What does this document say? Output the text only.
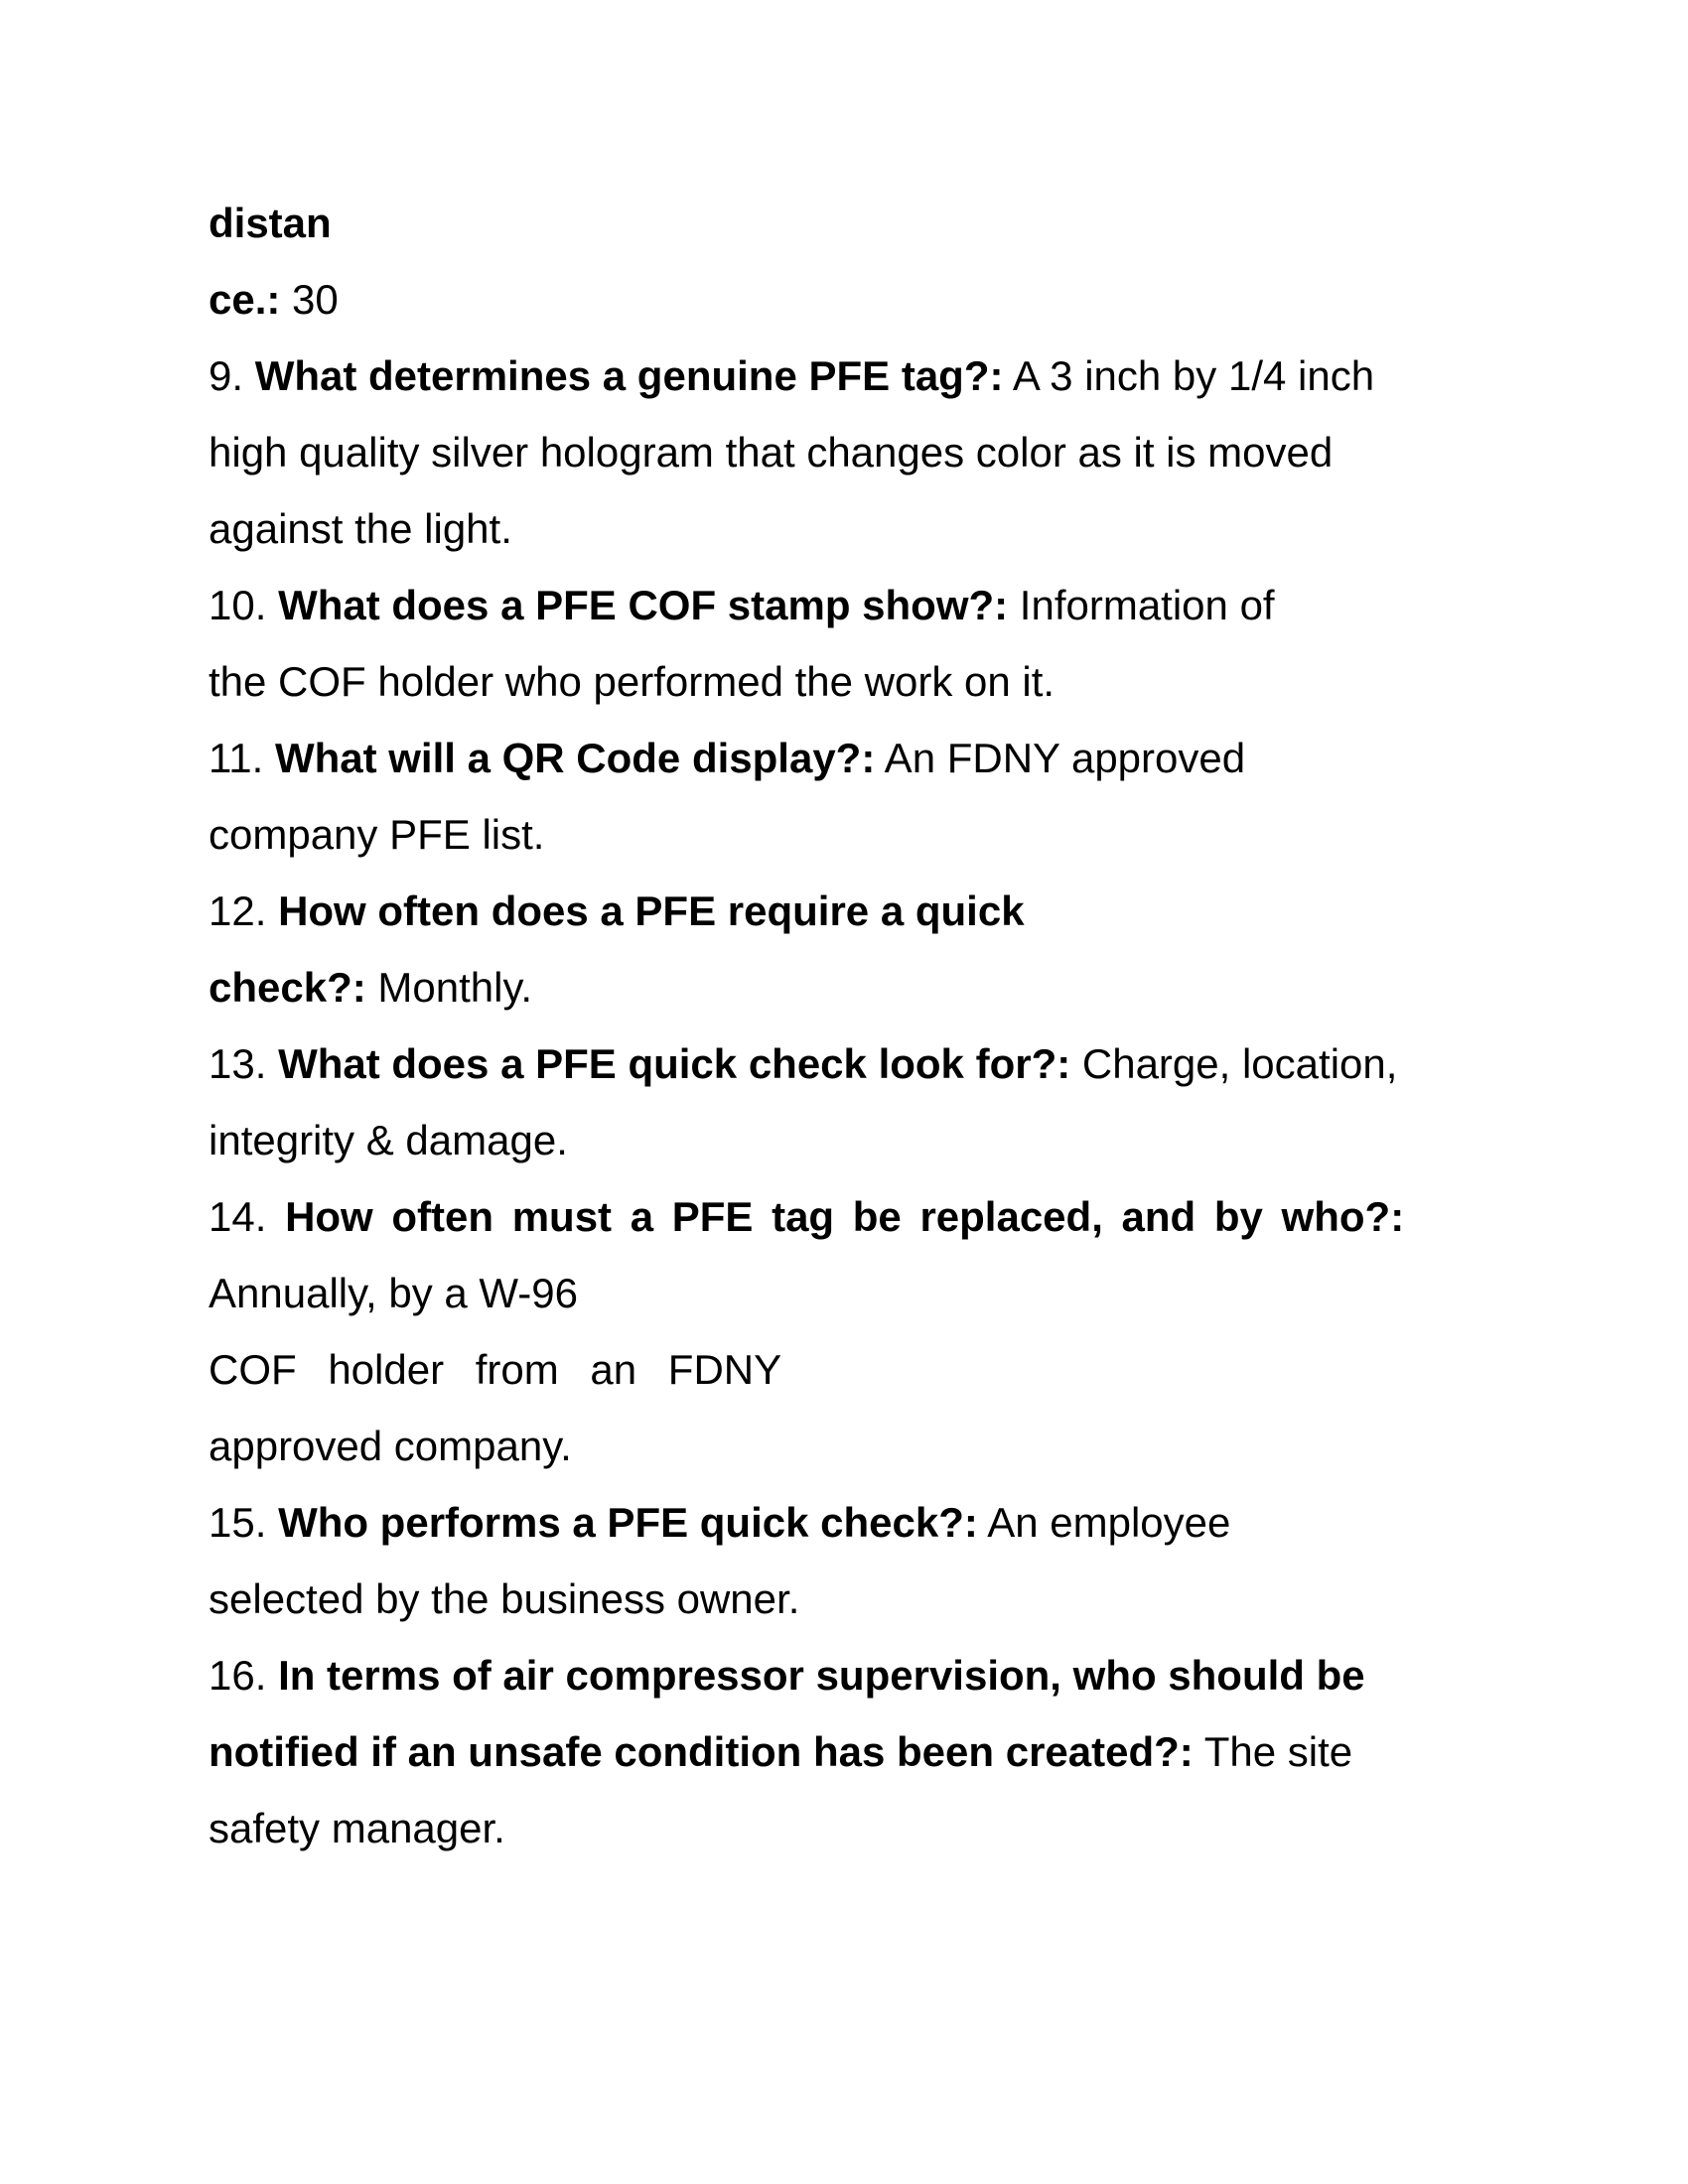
distan
ce.: 30
9. What determines a genuine PFE tag?: A 3 inch by 1/4 inch
high quality silver hologram that changes color as it is moved
against the light.
10. What does a PFE COF stamp show?: Information of
the COF holder who performed the work on it.
11. What will a QR Code display?: An FDNY approved
company PFE list.
12. How often does a PFE require a quick
check?: Monthly.
13. What does a PFE quick check look for?: Charge, location,
integrity & damage.
14. How often must a PFE tag be replaced, and by who?:
Annually, by a W-96
COF holder from an FDNY
approved company.
15. Who performs a PFE quick check?: An employee
selected by the business owner.
16. In terms of air compressor supervision, who should be
notified if an unsafe condition has been created?: The site
safety manager.
